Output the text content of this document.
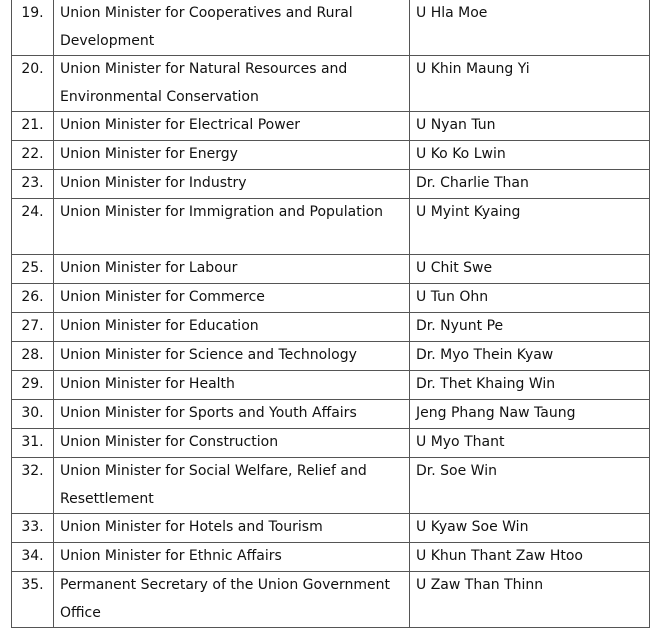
19.	Union Minister for Cooperatives and Rural Development	U Hla Moe
20.	Union Minister for Natural Resources and Environmental Conservation	U Khin Maung Yi
21.	Union Minister for Electrical Power	U Nyan Tun
22.	Union Minister for Energy	U Ko Ko Lwin
23.	Union Minister for Industry	Dr. Charlie Than
24.	Union Minister for Immigration and Population	U Myint Kyaing
25.	Union Minister for Labour	U Chit Swe
26.	Union Minister for Commerce	U Tun Ohn
27.	Union Minister for Education	Dr. Nyunt Pe
28.	Union Minister for Science and Technology	Dr. Myo Thein Kyaw
29.	Union Minister for Health	Dr. Thet Khaing Win
30.	Union Minister for Sports and Youth Affairs	Jeng Phang Naw Taung
31.	Union Minister for Construction	U Myo Thant
32.	Union Minister for Social Welfare, Relief and Resettlement	Dr. Soe Win
33.	Union Minister for Hotels and Tourism	U Kyaw Soe Win
34.	Union Minister for Ethnic Affairs	U Khun Thant Zaw Htoo
35.	Permanent Secretary of the Union Government Office	U Zaw Than Thinn
